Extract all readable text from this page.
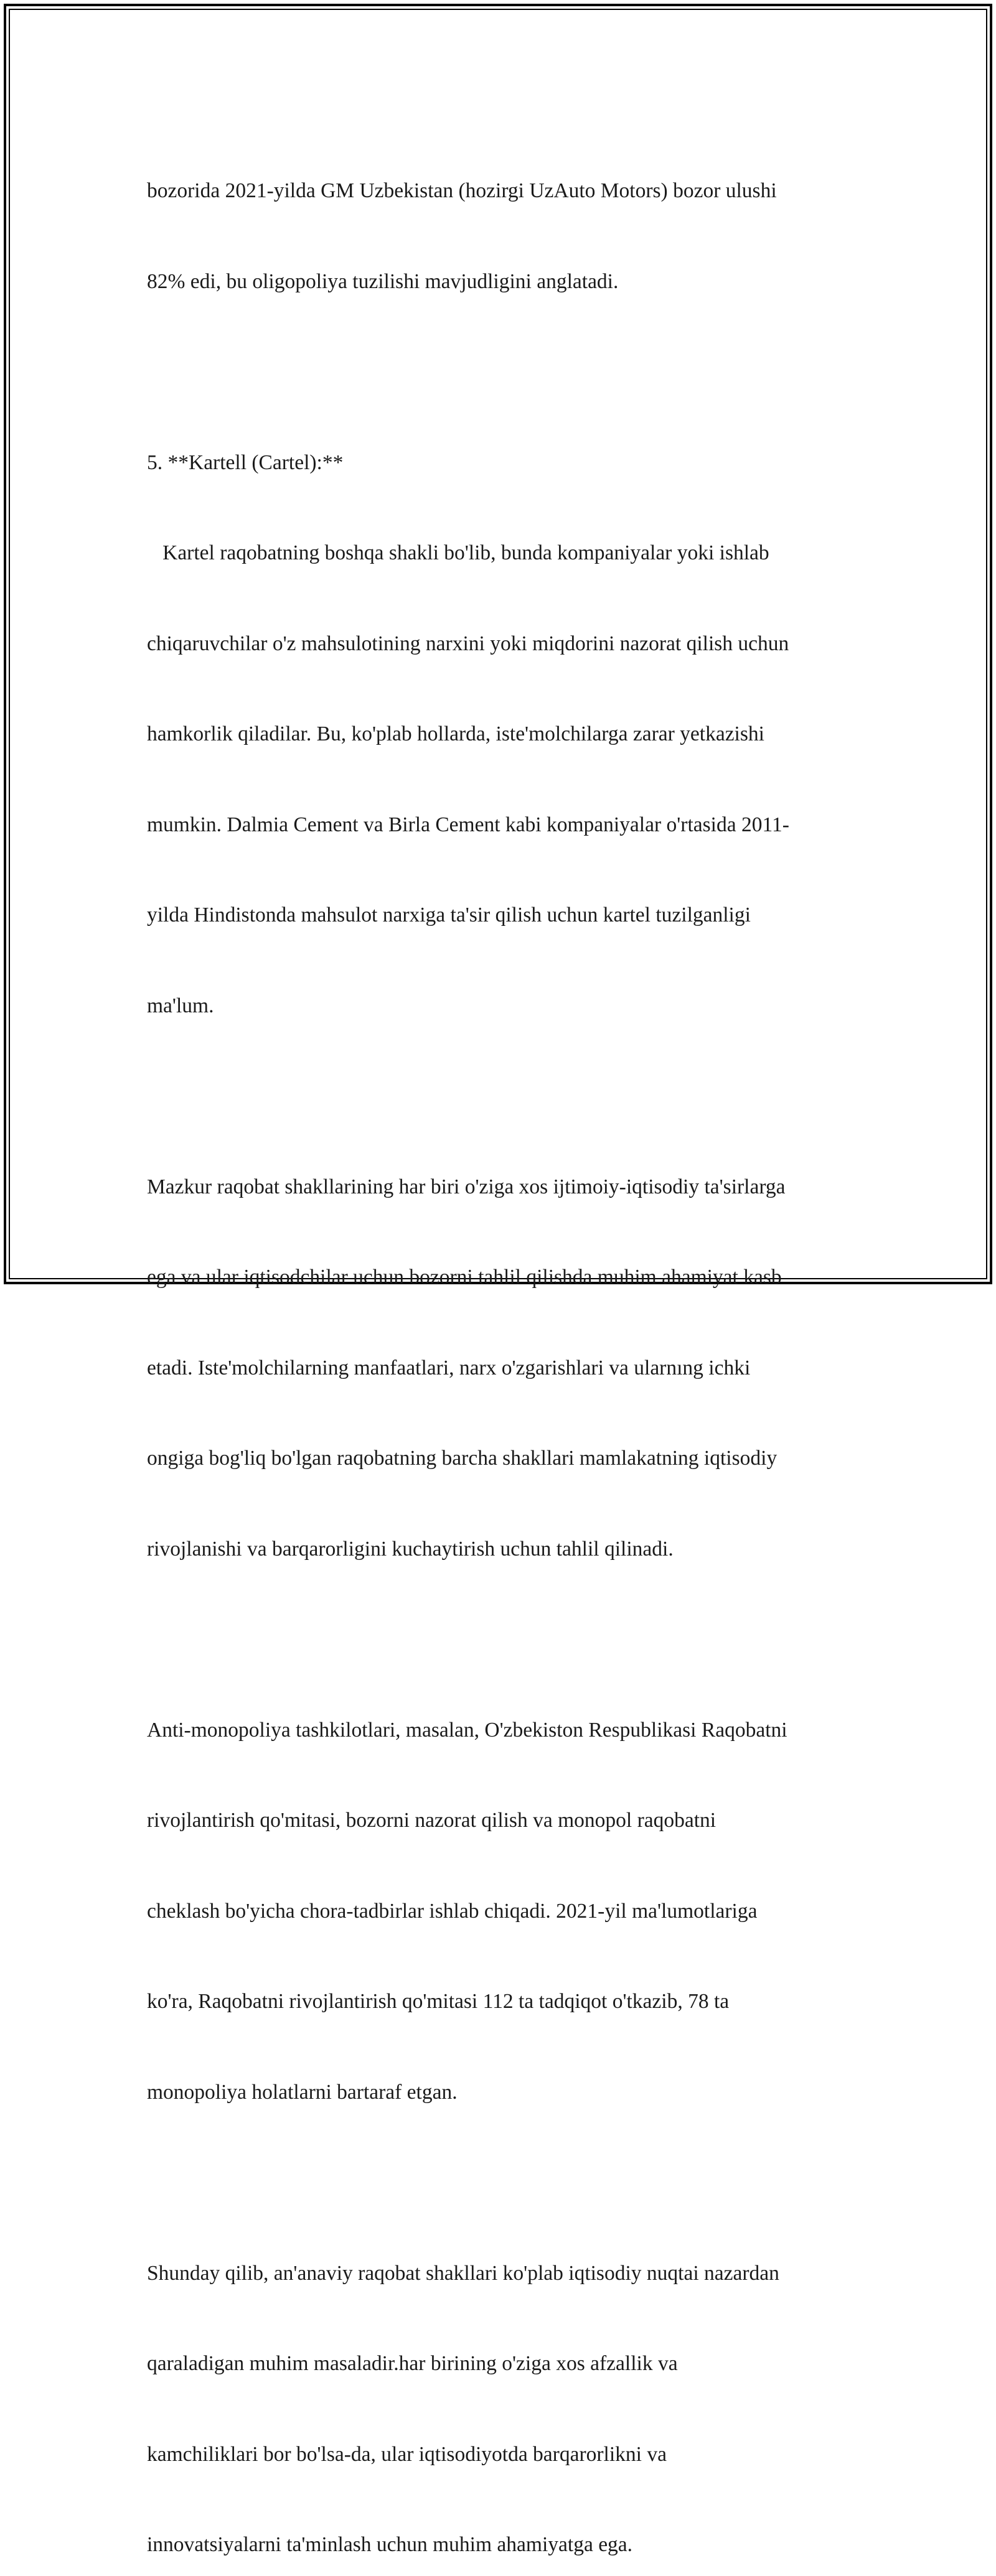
bozorida 2021-yilda GM Uzbekistan (hozirgi UzAuto Motors) bozor ulushi

82% edi, bu oligopoliya tuzilishi mavjudligini anglatadi.

5. **Kartell (Cartel):**

Kartel raqobatning boshqa shakli bo'lib, bunda kompaniyalar yoki ishlab

chiqaruvchilar o'z mahsulotining narxini yoki miqdorini nazorat qilish uchun

hamkorlik qiladilar. Bu, ko'plab hollarda, iste'molchilarga zarar yetkazishi

mumkin. Dalmia Cement va Birla Cement kabi kompaniyalar o'rtasida 2011-

yilda Hindistonda mahsulot narxiga ta'sir qilish uchun kartel tuzilganligi

ma'lum.

Mazkur raqobat shakllarining har biri o'ziga xos ijtimoiy-iqtisodiy ta'sirlarga

ega va ular iqtisodchilar uchun bozorni tahlil qilishda muhim ahamiyat kasb

etadi. Iste'molchilarning manfaatlari, narx o'zgarishlari va ularnıng ichki

ongiga bog'liq bo'lgan raqobatning barcha shakllari mamlakatning iqtisodiy

rivojlanishi va barqarorligini kuchaytirish uchun tahlil qilinadi.

Anti-monopoliya tashkilotlari, masalan, O'zbekiston Respublikasi Raqobatni

rivojlantirish qo'mitasi, bozorni nazorat qilish va monopol raqobatni

cheklash bo'yicha chora-tadbirlar ishlab chiqadi. 2021-yil ma'lumotlariga

ko'ra, Raqobatni rivojlantirish qo'mitasi 112 ta tadqiqot o'tkazib, 78 ta

monopoliya holatlarni bartaraf etgan.

Shunday qilib, an'anaviy raqobat shakllari ko'plab iqtisodiy nuqtai nazardan

qaraladigan muhim masaladir.har birining o'ziga xos afzallik va

kamchiliklari bor bo'lsa-da, ular iqtisodiyotda barqarorlikni va

innovatsiyalarni ta'minlash uchun muhim ahamiyatga ega.
